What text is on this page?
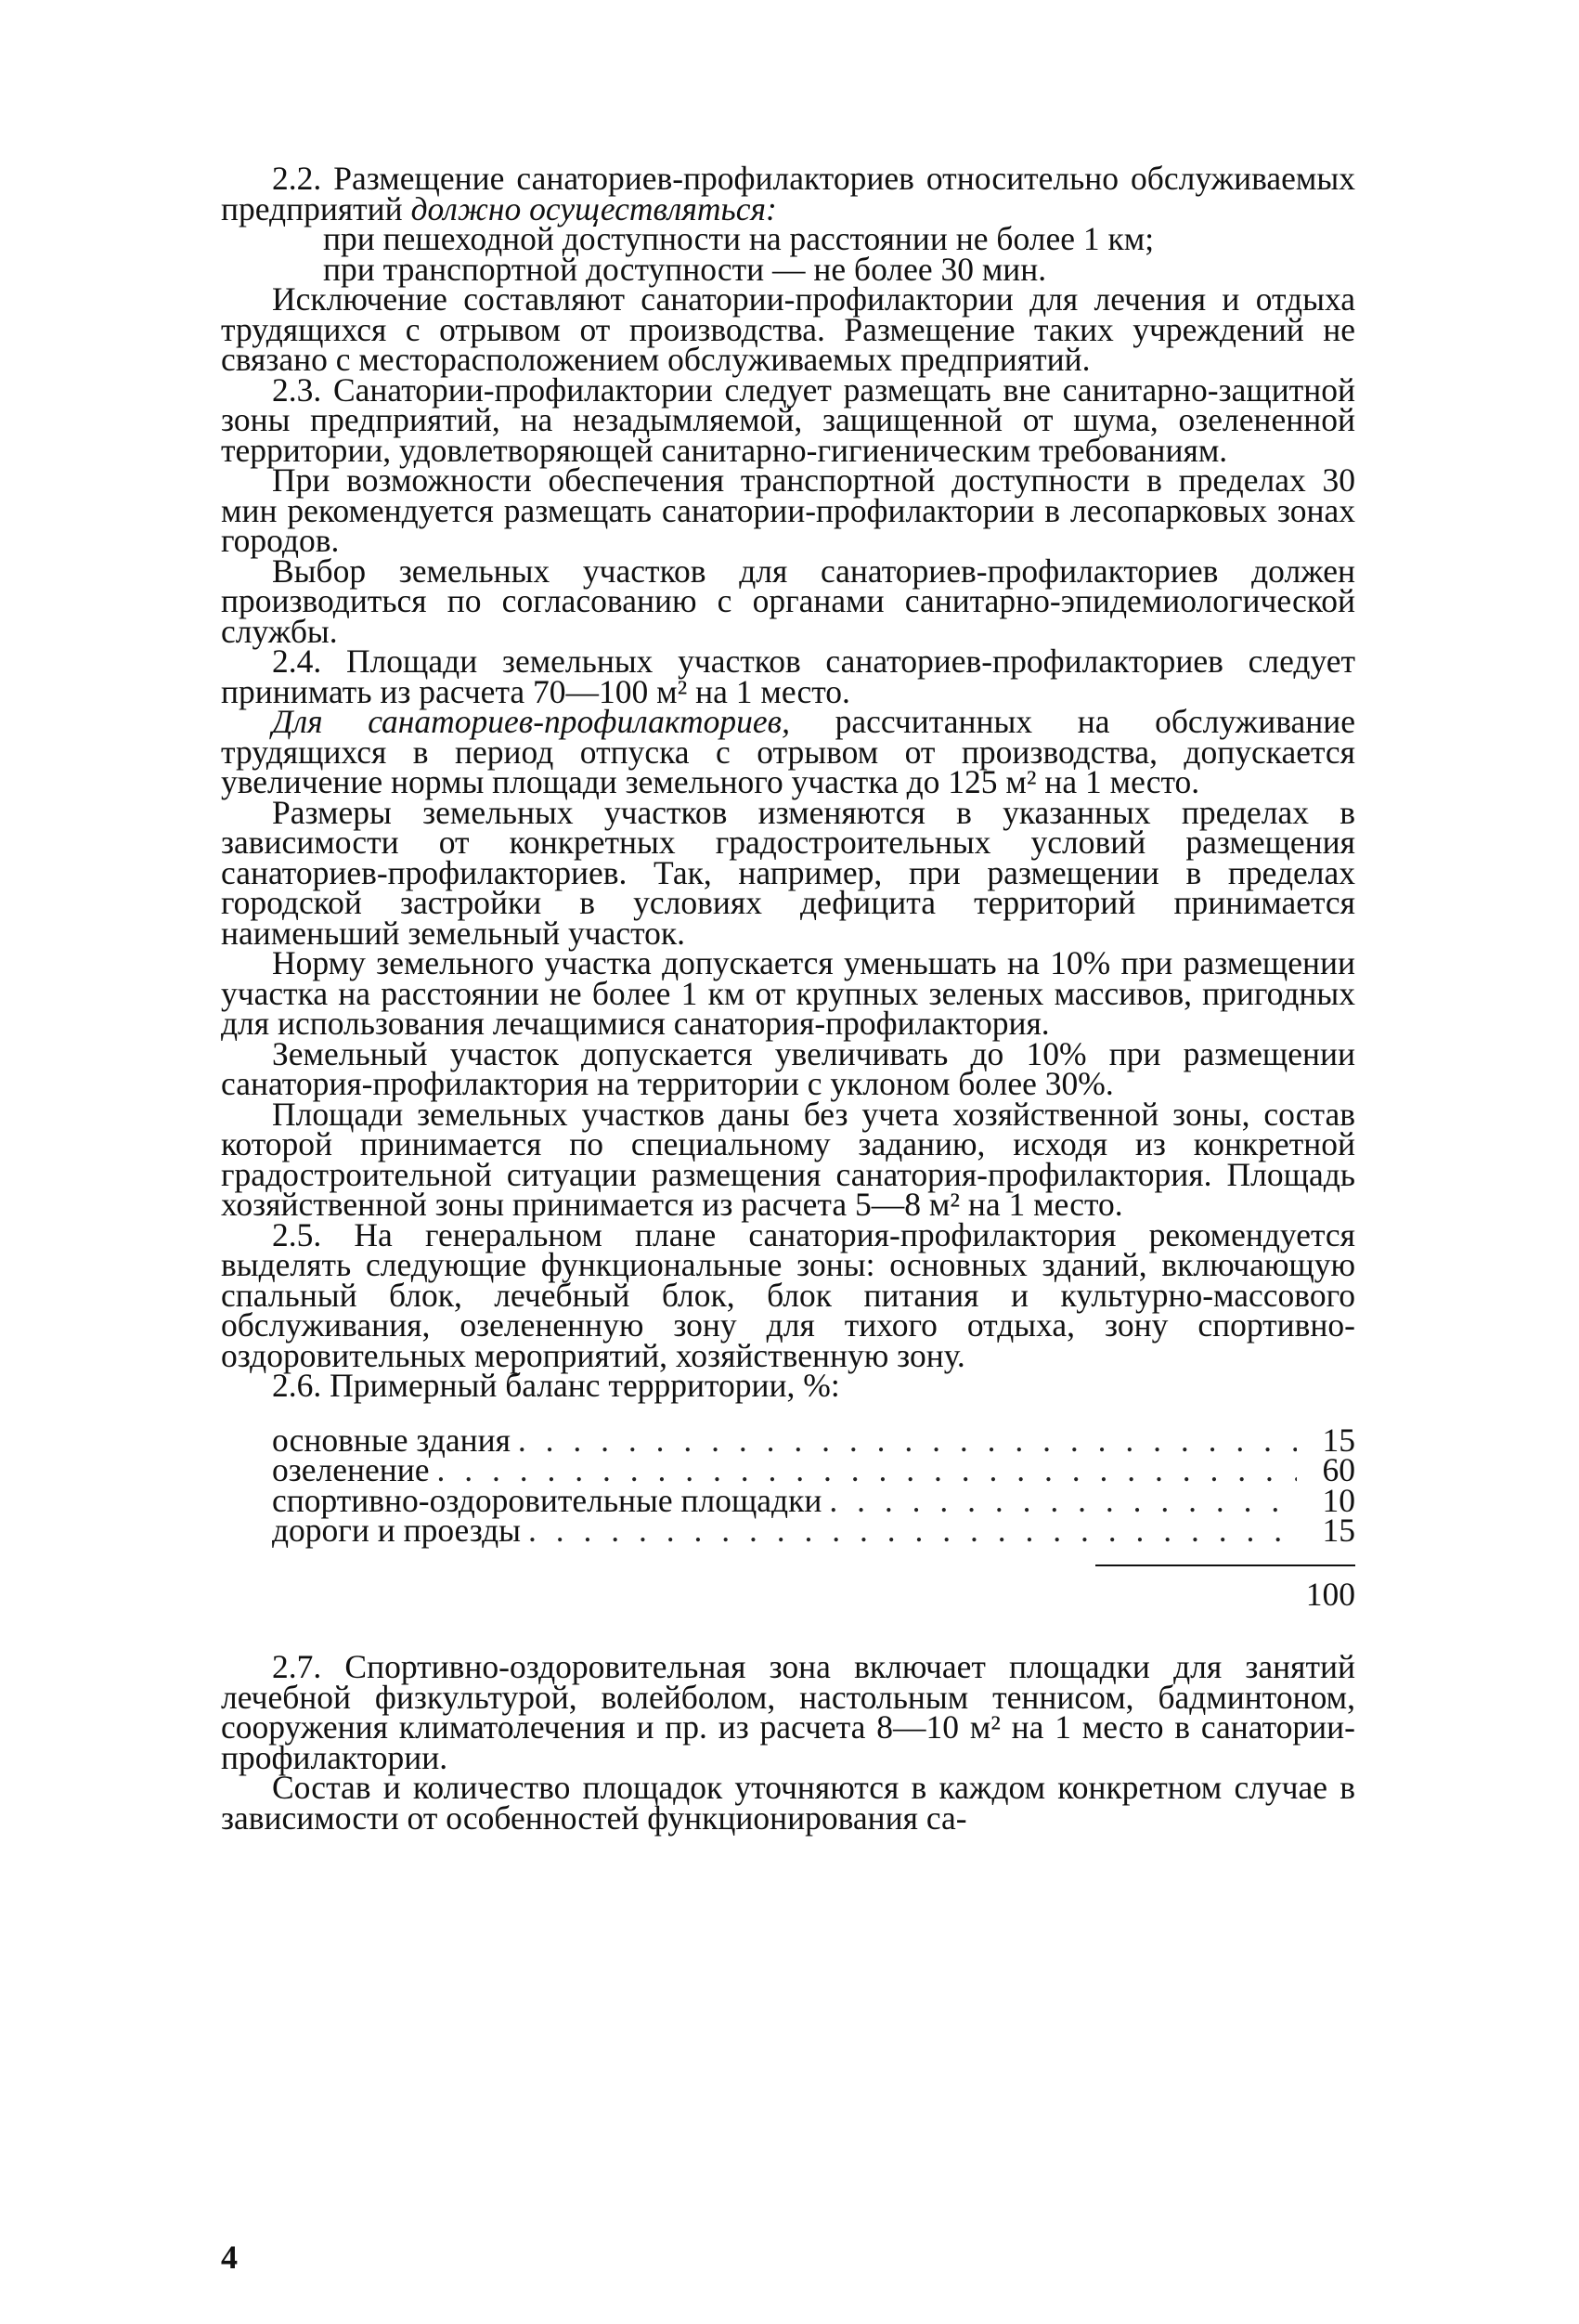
2.2. Размещение санаториев-профилакториев относительно обслуживаемых предприятий должно осуществляться:

при пешеходной доступности на расстоянии не более 1 км;

при транспортной доступности — не более 30 мин.

Исключение составляют санатории-профилактории для лечения и отдыха трудящихся с отрывом от производства. Размещение таких учреждений не связано с месторасположением обслуживаемых предприятий.

2.3. Санатории-профилактории следует размещать вне санитарно-защитной зоны предприятий, на незадымляемой, защищенной от шума, озелененной территории, удовлетворяющей санитарно-гигиеническим требованиям.

При возможности обеспечения транспортной доступности в пределах 30 мин рекомендуется размещать санатории-профилактории в лесопарковых зонах городов.

Выбор земельных участков для санаториев-профилакториев должен производиться по согласованию с органами санитарно-эпидемиологической службы.

2.4. Площади земельных участков санаториев-профилакториев следует принимать из расчета 70—100 м² на 1 место.

Для санаториев-профилакториев, рассчитанных на обслуживание трудящихся в период отпуска с отрывом от производства, допускается увеличение нормы площади земельного участка до 125 м² на 1 место.

Размеры земельных участков изменяются в указанных пределах в зависимости от конкретных градостроительных условий размещения санаториев-профилакториев. Так, например, при размещении в пределах городской застройки в условиях дефицита территорий принимается наименьший земельный участок.

Норму земельного участка допускается уменьшать на 10% при размещении участка на расстоянии не более 1 км от крупных зеленых массивов, пригодных для использования лечащимися санатория-профилактория.

Земельный участок допускается увеличивать до 10% при размещении санатория-профилактория на территории с уклоном более 30%.

Площади земельных участков даны без учета хозяйственной зоны, состав которой принимается по специальному заданию, исходя из конкретной градостроительной ситуации размещения санатория-профилактория. Площадь хозяйственной зоны принимается из расчета 5—8 м² на 1 место.

2.5. На генеральном плане санатория-профилактория рекомендуется выделять следующие функциональные зоны: основных зданий, включающую спальный блок, лечебный блок, блок питания и культурно-массового обслуживания, озелененную зону для тихого отдыха, зону спортивно-оздоровительных мероприятий, хозяйственную зону.

2.6. Примерный баланс террритории, %:

основные здания . . .	15
озеленение . . .	60
спортивно-оздоровительные площадки . . .	10
дороги и проезды . . .	15
100

2.7. Спортивно-оздоровительная зона включает площадки для занятий лечебной физкультурой, волейболом, настольным теннисом, бадминтоном, сооружения климатолечения и пр. из расчета 8—10 м² на 1 место в санатории-профилактории.

Состав и количество площадок уточняются в каждом конкретном случае в зависимости от особенностей функционирования са-

4
